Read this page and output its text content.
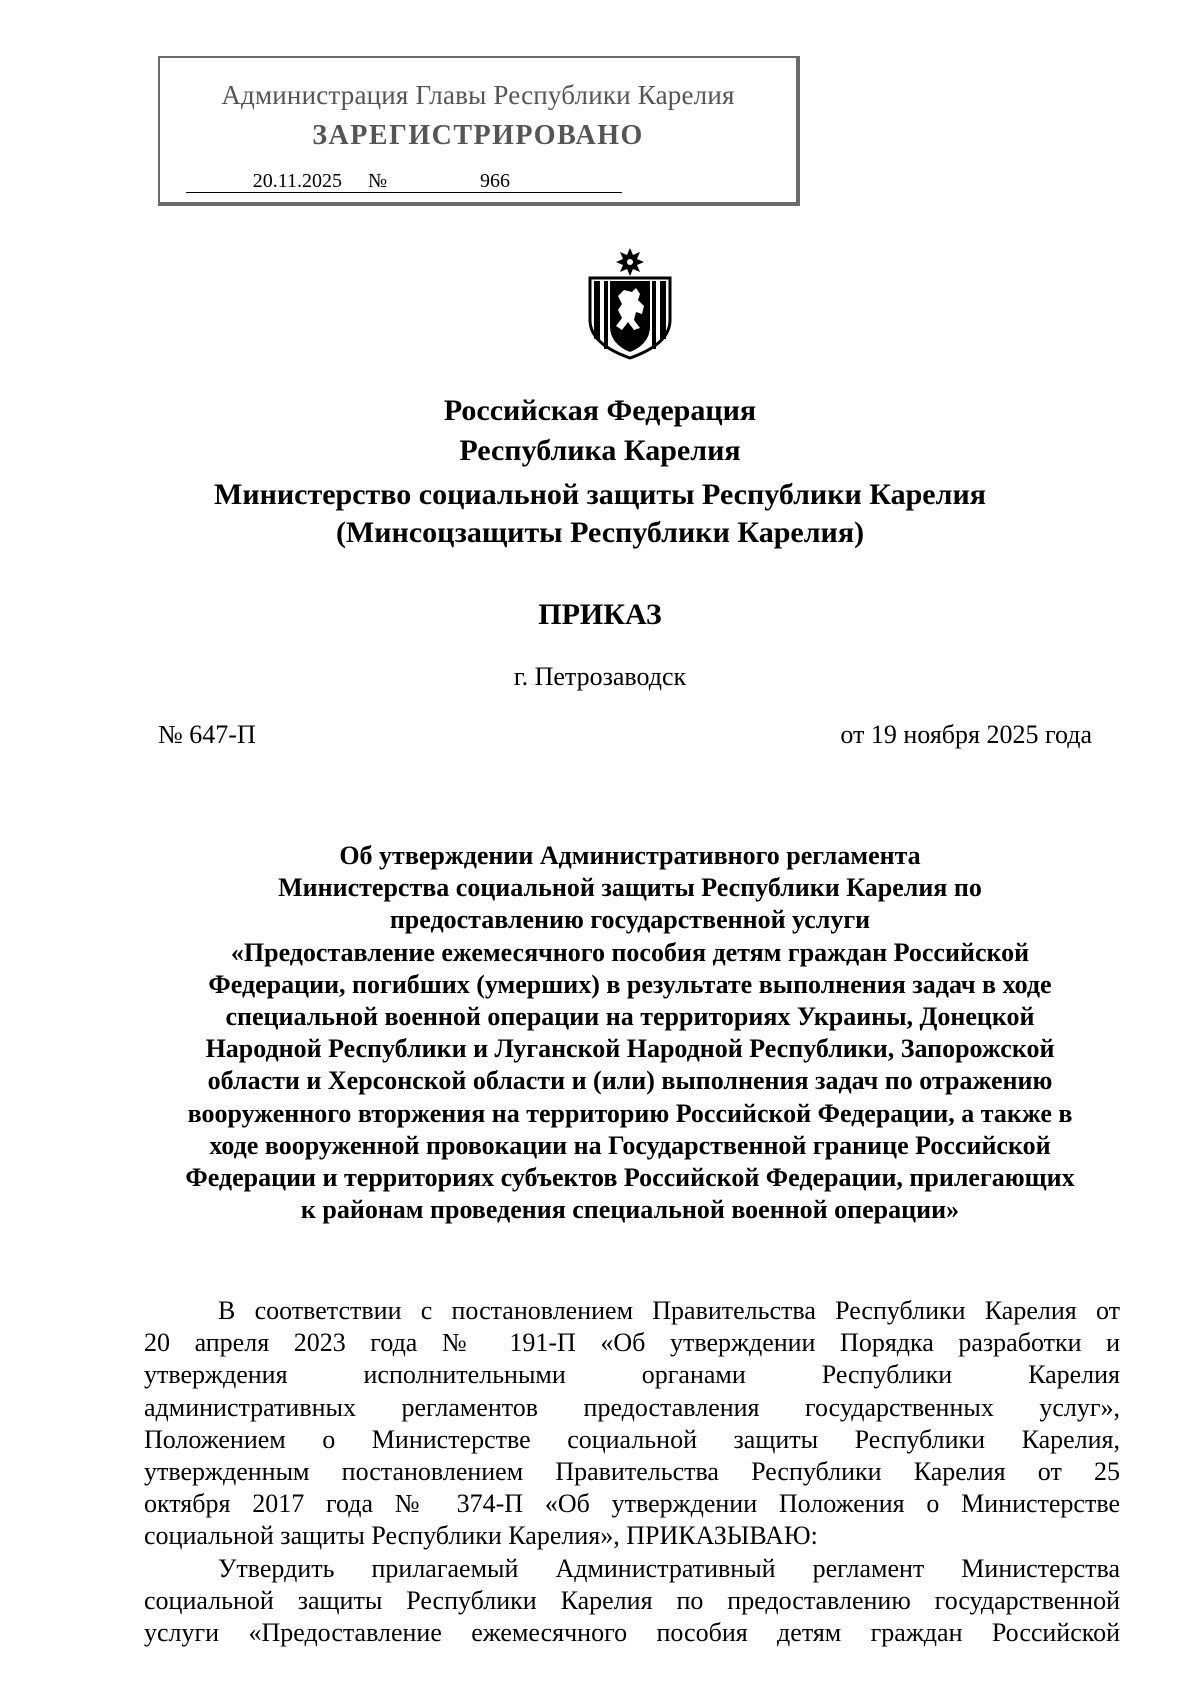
Администрация Главы Республики Карелия
ЗАРЕГИСТРИРОВАНО
20.11.2025	№	966
Российская Федерация
Республика Карелия
Министерство социальной защиты Республики Карелия
(Минсоцзащиты Республики Карелия)
ПРИКАЗ
г. Петрозаводск
№ 647-П	от 19 ноября 2025 года
Об утверждении Административного регламента
Министерства социальной защиты Республики Карелия по
предоставлению государственной услуги
«Предоставление ежемесячного пособия детям граждан Российской
Федерации, погибших (умерших) в результате выполнения задач в ходе
специальной военной операции на территориях Украины, Донецкой
Народной Республики и Луганской Народной Республики, Запорожской
области и Херсонской области и (или) выполнения задач по отражению
вооруженного вторжения на территорию Российской Федерации, а также в
ходе вооруженной провокации на Государственной границе Российской
Федерации и территориях субъектов Российской Федерации, прилегающих
к районам проведения специальной военной операции»
В соответствии с постановлением Правительства Республики Карелия от
20 апреля 2023 года № 191-П «Об утверждении Порядка разработки и
утверждения исполнительными органами Республики Карелия
административных регламентов предоставления государственных услуг»,
Положением о Министерстве социальной защиты Республики Карелия,
утвержденным постановлением Правительства Республики Карелия от 25
октября 2017 года № 374-П «Об утверждении Положения о Министерстве
социальной защиты Республики Карелия», ПРИКАЗЫВАЮ:
Утвердить прилагаемый Административный регламент Министерства
социальной защиты Республики Карелия по предоставлению государственной
услуги «Предоставление ежемесячного пособия детям граждан Российской
